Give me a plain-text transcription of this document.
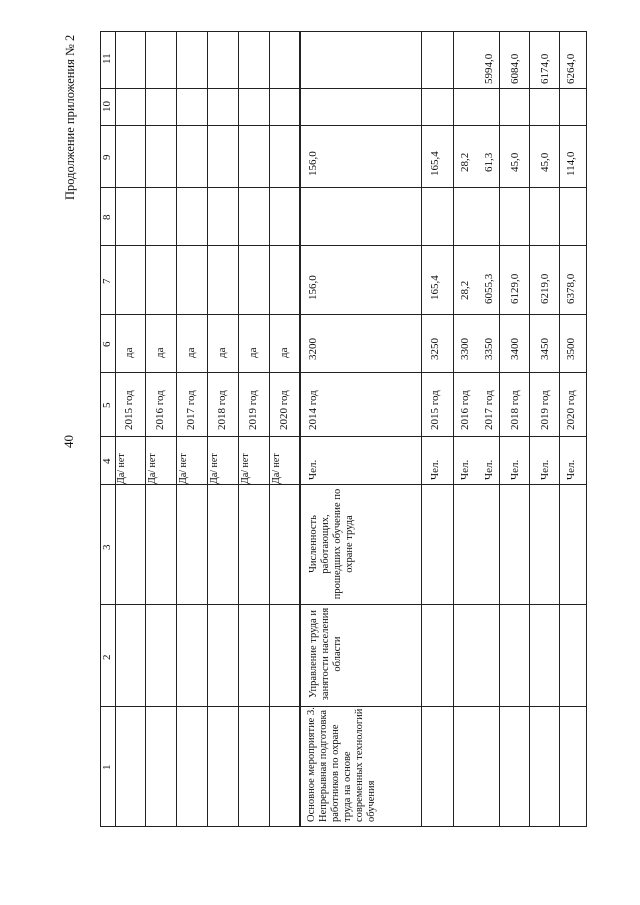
40
Продолжение приложения № 2
1
2
3
4
5
6
7
8
9
10
11
Да/ нет
2015 год
да
Да/ нет
2016 год
да
Да/ нет
2017 год
да
Да/ нет
2018 год
да
Да/ нет
2019 год
да
Да/ нет
2020 год
да
Основное мероприятие 3. Непрерывная подготовка работников по охране труда на основе современных технологий обучения
Управление труда и занятости населения области
Численность работающих, прошедших обучение по охране труда
Чел.
2014 год
3200
156,0
156,0
Чел.
2015 год
3250
165,4
165,4
Чел.
2016 год
3300
28,2
28,2
Чел.
2017 год
3350
6055,3
61,3
5994,0
Чел.
2018 год
3400
6129,0
45,0
6084,0
Чел.
2019 год
3450
6219,0
45,0
6174,0
Чел.
2020 год
3500
6378,0
114,0
6264,0
